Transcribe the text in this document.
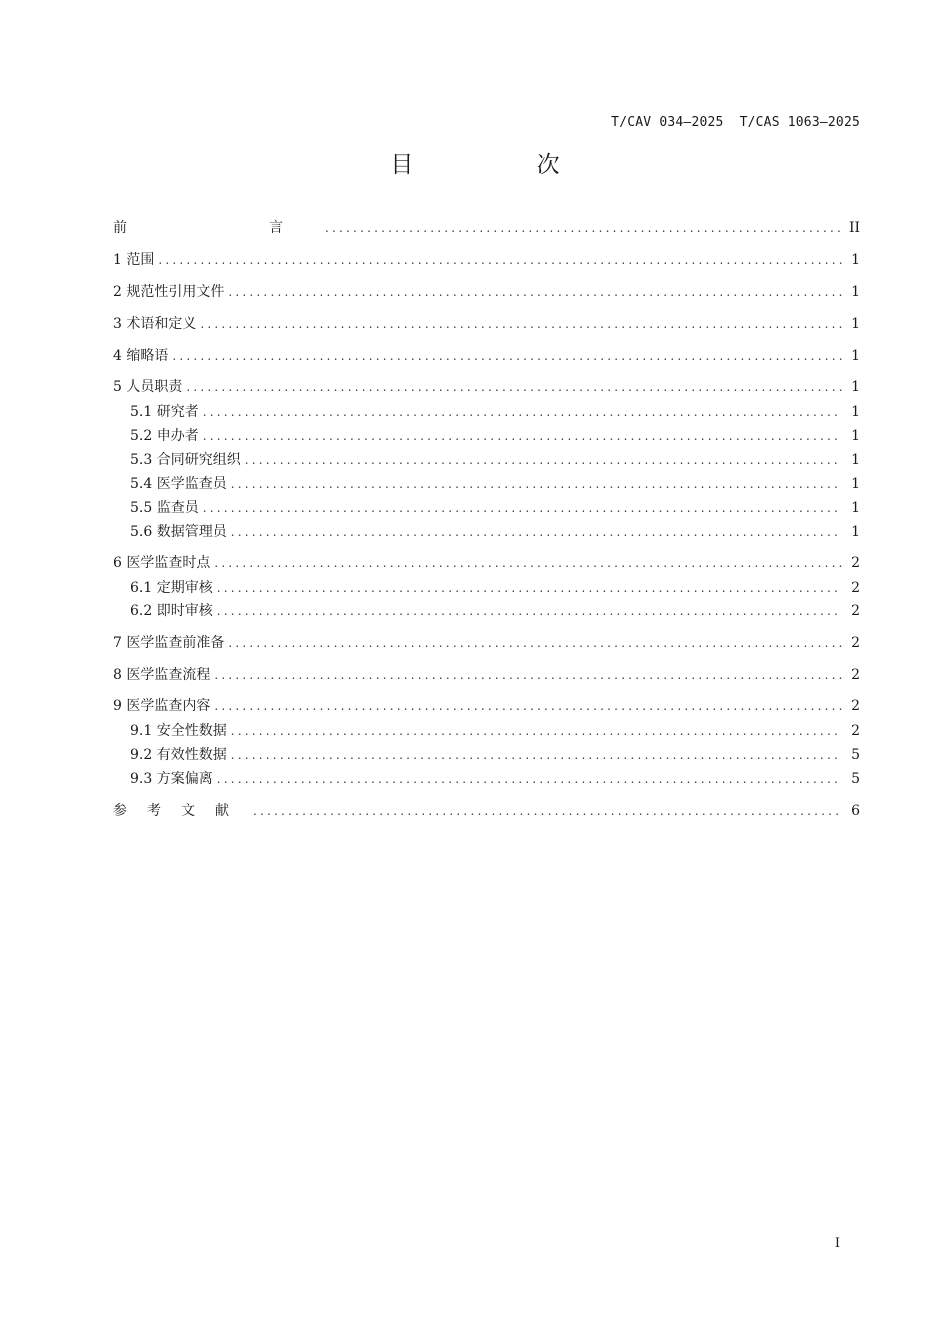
T/CAV 034—2025  T/CAS 1063—2025
目 次
前　　言 .....	II
1 范围 .....	1
2 规范性引用文件 .....	1
3 术语和定义 .....	1
4 缩略语 .....	1
5 人员职责 .....	1
5.1 研究者 .....	1
5.2 申办者 .....	1
5.3 合同研究组织 .....	1
5.4 医学监查员 .....	1
5.5 监查员 .....	1
5.6 数据管理员 .....	1
6 医学监查时点 .....	2
6.1 定期审核 .....	2
6.2 即时审核 .....	2
7 医学监查前准备 .....	2
8 医学监查流程 .....	2
9 医学监查内容 .....	2
9.1 安全性数据 .....	2
9.2 有效性数据 .....	5
9.3 方案偏离 .....	5
参考文献 .....	6
I
